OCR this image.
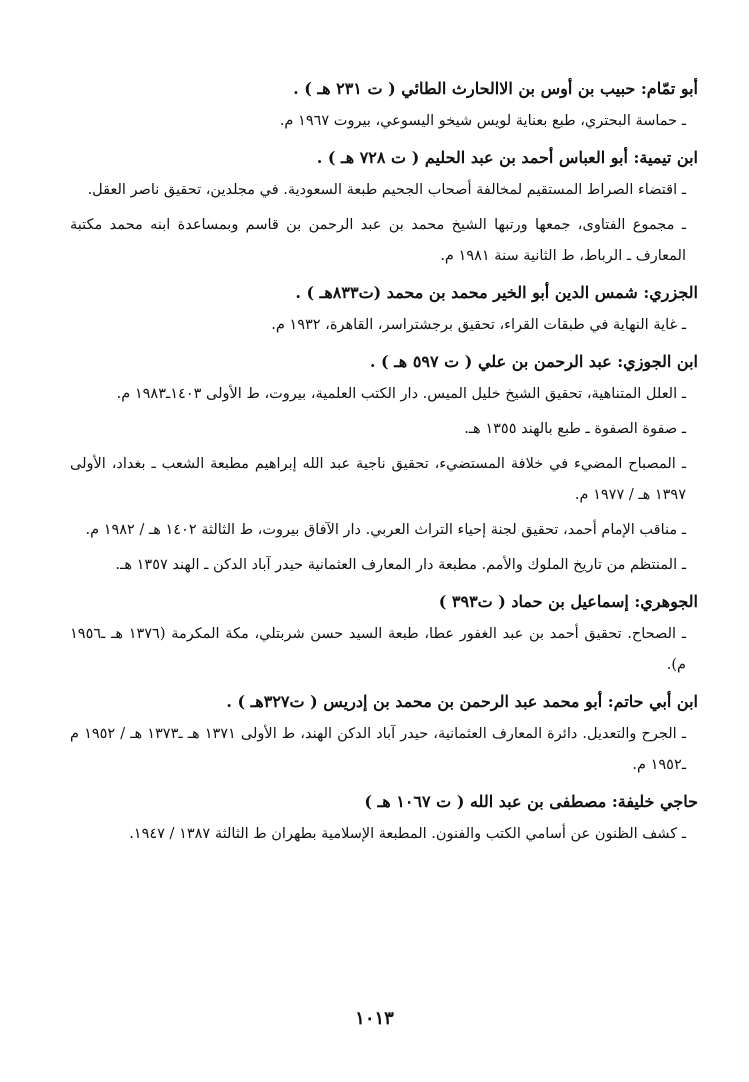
أبو تمّام: حبيب بن أوس بن الاالحارث الطائي ( ت ٢٣١ هـ ) .

ـ حماسة البحتري، طبع بعناية لويس شيخو اليسوعي، بيروت ١٩٦٧ م.

ابن تيمية: أبو العباس أحمد بن عبد الحليم ( ت ٧٢٨ هـ ) .

ـ اقتضاء الصراط المستقيم لمخالفة أصحاب الجحيم طبعة السعودية. في مجلدين، تحقيق ناصر العقل.

ـ مجموع الفتاوى، جمعها ورتبها الشيخ محمد بن عبد الرحمن بن قاسم وبمساعدة ابنه محمد مكتبة المعارف ـ الرباط، ط الثانية سنة ١٩٨١ م.

الجزري: شمس الدين أبو الخير محمد بن محمد (ت٨٣٣هـ ) .

ـ غاية النهاية في طبقات القراء، تحقيق برجشتراسر، القاهرة، ١٩٣٢ م.

ابن الجوزي: عبد الرحمن بن علي ( ت ٥٩٧ هـ ) .

ـ العلل المتناهية، تحقيق الشيخ خليل الميس. دار الكتب العلمية، بيروت، ط الأولى ١٤٠٣ـ١٩٨٣ م.

ـ صفوة الصفوة ـ طبع بالهند ١٣٥٥ هـ.

ـ المصباح المضيء في خلافة المستضيء، تحقيق ناجية عبد الله إبراهيم مطبعة الشعب ـ بغداد، الأولى ١٣٩٧ هـ / ١٩٧٧ م.

ـ مناقب الإمام أحمد، تحقيق لجنة إحياء التراث العربي. دار الآفاق بيروت، ط الثالثة ١٤٠٢ هـ / ١٩٨٢ م.

ـ المنتظم من تاريخ الملوك والأمم. مطبعة دار المعارف العثمانية حيدر آباد الدكن ـ الهند ١٣٥٧ هـ.

الجوهري: إسماعيل بن حماد ( ت٣٩٣ )

ـ الصحاح. تحقيق أحمد بن عبد الغفور عطا، طبعة السيد حسن شربتلي، مكة المكرمة (١٣٧٦ هـ ـ١٩٥٦ م).

ابن أبي حاتم: أبو محمد عبد الرحمن بن محمد بن إدريس ( ت٣٢٧هـ ) .

ـ الجرح والتعديل. دائرة المعارف العثمانية، حيدر آباد الدكن الهند، ط الأولى ١٣٧١ هـ ـ١٣٧٣ هـ / ١٩٥٢ م ـ١٩٥٢ م.

حاجي خليفة: مصطفى بن عبد الله ( ت ١٠٦٧ هـ )

ـ كشف الظنون عن أسامي الكتب والفنون. المطبعة الإسلامية بطهران ط الثالثة ١٣٨٧ / ١٩٤٧.

١٠١٣
